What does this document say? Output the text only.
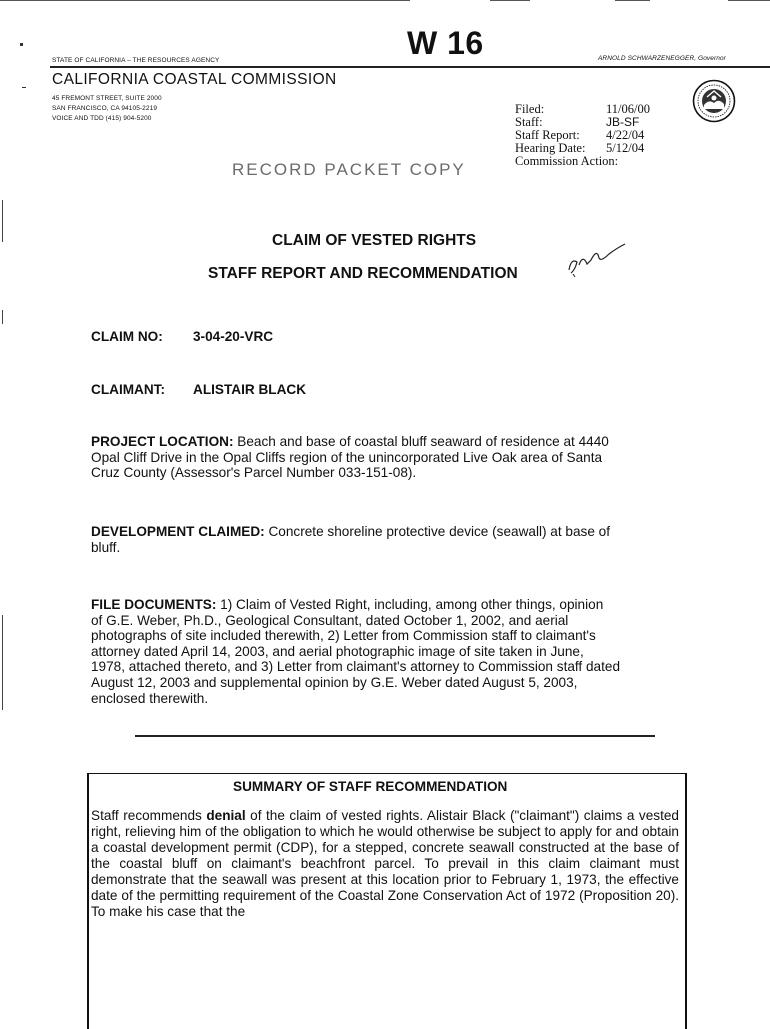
STATE OF CALIFORNIA – THE RESOURCES AGENCY	W 16	ARNOLD SCHWARZENEGGER, Governor
CALIFORNIA COASTAL COMMISSION
45 FREMONT STREET, SUITE 2000
SAN FRANCISCO, CA 94105-2219
VOICE AND TDD (415) 904-5200
RECORD PACKET COPY
Filed:
Staff:
Staff Report:
Hearing Date:
Commission Action:
11/06/00
JB-SF
4/22/04
5/12/04
CLAIM OF VESTED RIGHTS
STAFF REPORT AND RECOMMENDATION
CLAIM NO: 3-04-20-VRC
CLAIMANT: ALISTAIR BLACK
PROJECT LOCATION: Beach and base of coastal bluff seaward of residence at 4440
Opal Cliff Drive in the Opal Cliffs region of the unincorporated Live Oak area of Santa
Cruz County (Assessor's Parcel Number 033-151-08).
DEVELOPMENT CLAIMED: Concrete shoreline protective device (seawall) at base of
bluff.
FILE DOCUMENTS: 1) Claim of Vested Right, including, among other things, opinion
of G.E. Weber, Ph.D., Geological Consultant, dated October 1, 2002, and aerial
photographs of site included therewith, 2) Letter from Commission staff to claimant's
attorney dated April 14, 2003, and aerial photographic image of site taken in June,
1978, attached thereto, and 3) Letter from claimant's attorney to Commission staff dated
August 12, 2003 and supplemental opinion by G.E. Weber dated August 5, 2003,
enclosed therewith.
SUMMARY OF STAFF RECOMMENDATION
Staff recommends denial of the claim of vested rights. Alistair Black ("claimant") claims a vested right, relieving him of the obligation to which he would otherwise be subject to apply for and obtain a coastal development permit (CDP), for a stepped, concrete seawall constructed at the base of the coastal bluff on claimant's beachfront parcel. To prevail in this claim claimant must demonstrate that the seawall was present at this location prior to February 1, 1973, the effective date of the permitting requirement of the Coastal Zone Conservation Act of 1972 (Proposition 20). To make his case that the
